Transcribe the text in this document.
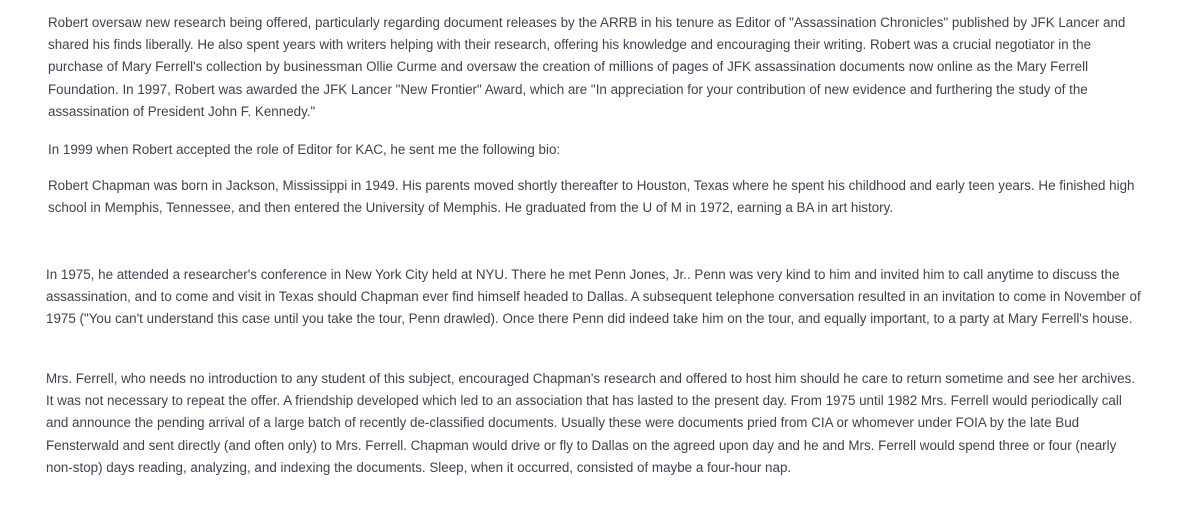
Robert oversaw new research being offered, particularly regarding document releases by the ARRB in his tenure as Editor of "Assassination Chronicles" published by JFK Lancer and shared his finds liberally. He also spent years with writers helping with their research, offering his knowledge and encouraging their writing. Robert was a crucial negotiator in the purchase of Mary Ferrell's collection by businessman Ollie Curme and oversaw the creation of millions of pages of JFK assassination documents now online as the Mary Ferrell Foundation. In 1997, Robert was awarded the JFK Lancer "New Frontier" Award, which are "In appreciation for your contribution of new evidence and furthering the study of the assassination of President John F. Kennedy."

In 1999 when Robert accepted the role of Editor for KAC, he sent me the following bio:

Robert Chapman was born in Jackson, Mississippi in 1949. His parents moved shortly thereafter to Houston, Texas where he spent his childhood and early teen years. He finished high school in Memphis, Tennessee, and then entered the University of Memphis. He graduated from the U of M in 1972, earning a BA in art history.

In 1975, he attended a researcher's conference in New York City held at NYU. There he met Penn Jones, Jr.. Penn was very kind to him and invited him to call anytime to discuss the assassination, and to come and visit in Texas should Chapman ever find himself headed to Dallas. A subsequent telephone conversation resulted in an invitation to come in November of 1975 ("You can't understand this case until you take the tour, Penn drawled). Once there Penn did indeed take him on the tour, and equally important, to a party at Mary Ferrell's house.

Mrs. Ferrell, who needs no introduction to any student of this subject, encouraged Chapman's research and offered to host him should he care to return sometime and see her archives. It was not necessary to repeat the offer. A friendship developed which led to an association that has lasted to the present day. From 1975 until 1982 Mrs. Ferrell would periodically call and announce the pending arrival of a large batch of recently de-classified documents. Usually these were documents pried from CIA or whomever under FOIA by the late Bud Fensterwald and sent directly (and often only) to Mrs. Ferrell. Chapman would drive or fly to Dallas on the agreed upon day and he and Mrs. Ferrell would spend three or four (nearly non-stop) days reading, analyzing, and indexing the documents. Sleep, when it occurred, consisted of maybe a four-hour nap.
